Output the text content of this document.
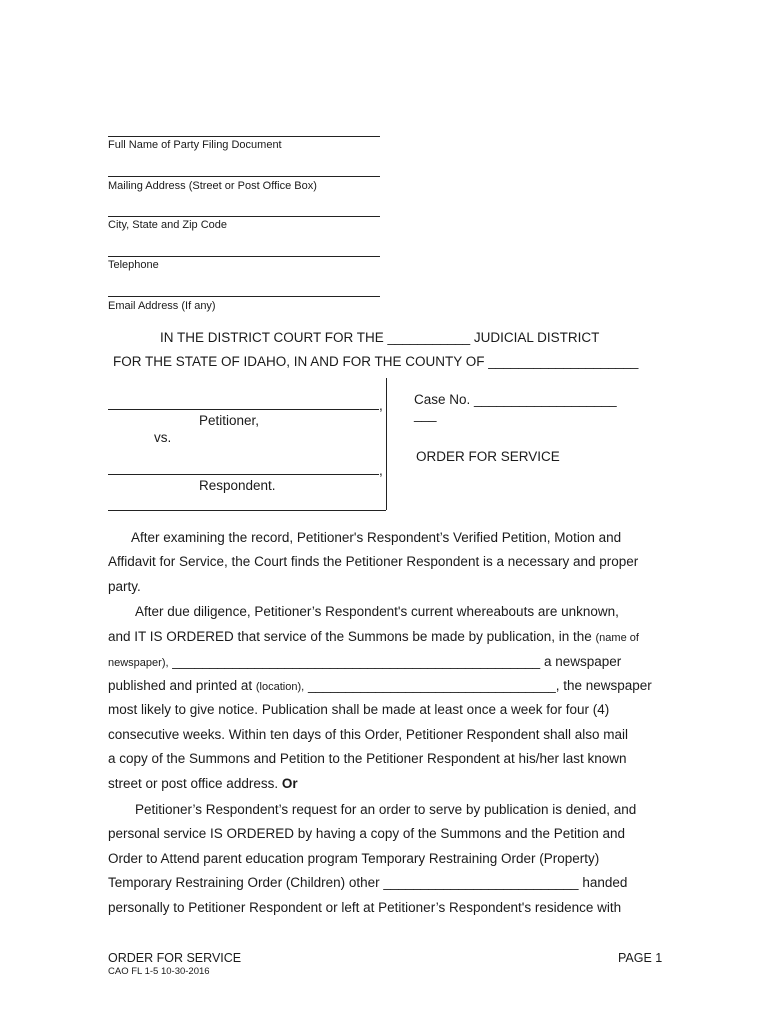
Full Name of Party Filing Document
Mailing Address (Street or Post Office Box)
City, State and Zip Code
Telephone
Email Address (If any)
IN THE DISTRICT COURT FOR THE ___________ JUDICIAL DISTRICT
FOR THE STATE OF IDAHO, IN AND FOR THE COUNTY OF ____________________
,
Petitioner,
vs.
,
Respondent.
Case No. ___________________
___
ORDER FOR SERVICE
After examining the record, Petitioner's Respondent’s Verified Petition, Motion and
Affidavit for Service, the Court finds the Petitioner Respondent is a necessary and proper
party.
After due diligence, Petitioner’s Respondent's current whereabouts are unknown,
and IT IS ORDERED that service of the Summons be made by publication, in the (name of
newspaper), _________________________________________________ a newspaper
published and printed at (location), _________________________________, the newspaper
most likely to give notice. Publication shall be made at least once a week for four (4)
consecutive weeks. Within ten days of this Order, Petitioner Respondent shall also mail
a copy of the Summons and Petition to the Petitioner Respondent at his/her last known
street or post office address. Or
Petitioner’s Respondent’s request for an order to serve by publication is denied, and
personal service IS ORDERED by having a copy of the Summons and the Petition and
Order to Attend parent education program Temporary Restraining Order (Property)
Temporary Restraining Order (Children) other __________________________ handed
personally to Petitioner Respondent or left at Petitioner’s Respondent's residence with
ORDER FOR SERVICE	PAGE 1
CAO FL 1-5 10-30-2016
